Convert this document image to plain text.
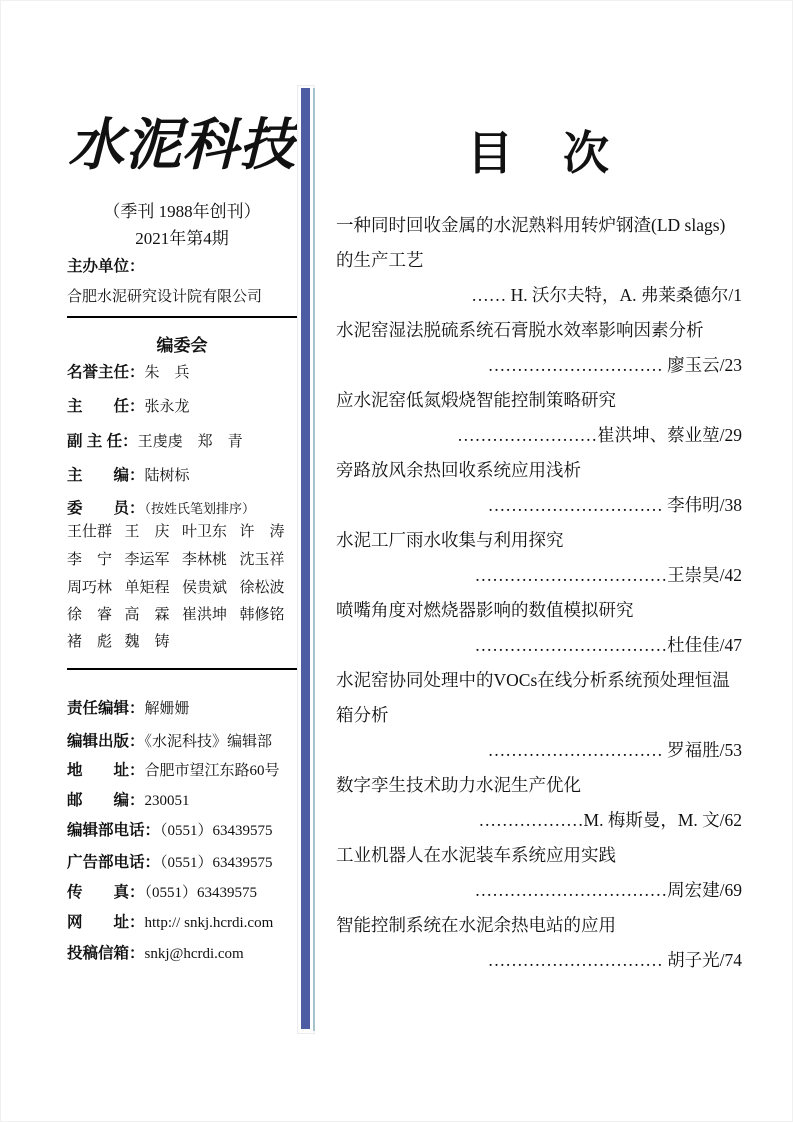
水泥科技
（季刊 1988年创刊）
2021年第4期
主办单位：
合肥水泥研究设计院有限公司
编委会
名誉主任：朱　兵
主　　任：张永龙
副 主 任：王虔虔　郑　青
主　　编：陆树标
委　　员：（按姓氏笔划排序）
王仕群 王　庆 叶卫东 许　涛
李　宁 李运军 李林桃 沈玉祥
周巧林 单矩程 侯贵斌 徐松波
徐　睿 高　霖 崔洪坤 韩修铭
褚　彪 魏　铸
责任编辑：解姗姗
编辑出版：《水泥科技》编辑部
地　　址：合肥市望江东路60号
邮　　编：230051
编辑部电话：（0551）63439575
广告部电话：（0551）63439575
传　　真：（0551）63439575
网　　址：http:// snkj.hcrdi.com
投稿信箱：snkj@hcrdi.com
目　次
一种同时回收金属的水泥熟料用转炉钢渣(LD slags)的生产工艺
…… H. 沃尔夫特，A. 弗莱桑德尔/1
水泥窑湿法脱硫系统石膏脱水效率影响因素分析
………………………… 廖玉云/23
应水泥窑低氮煅烧智能控制策略研究
……………………崔洪坤、蔡业堃/29
旁路放风余热回收系统应用浅析
………………………… 李伟明/38
水泥工厂雨水收集与利用探究
……………………………王崇昊/42
喷嘴角度对燃烧器影响的数值模拟研究
……………………………杜佳佳/47
水泥窑协同处理中的VOCs在线分析系统预处理恒温箱分析
………………………… 罗福胜/53
数字孪生技术助力水泥生产优化
………………M. 梅斯曼，M. 文/62
工业机器人在水泥装车系统应用实践
……………………………周宏建/69
智能控制系统在水泥余热电站的应用
………………………… 胡子光/74
